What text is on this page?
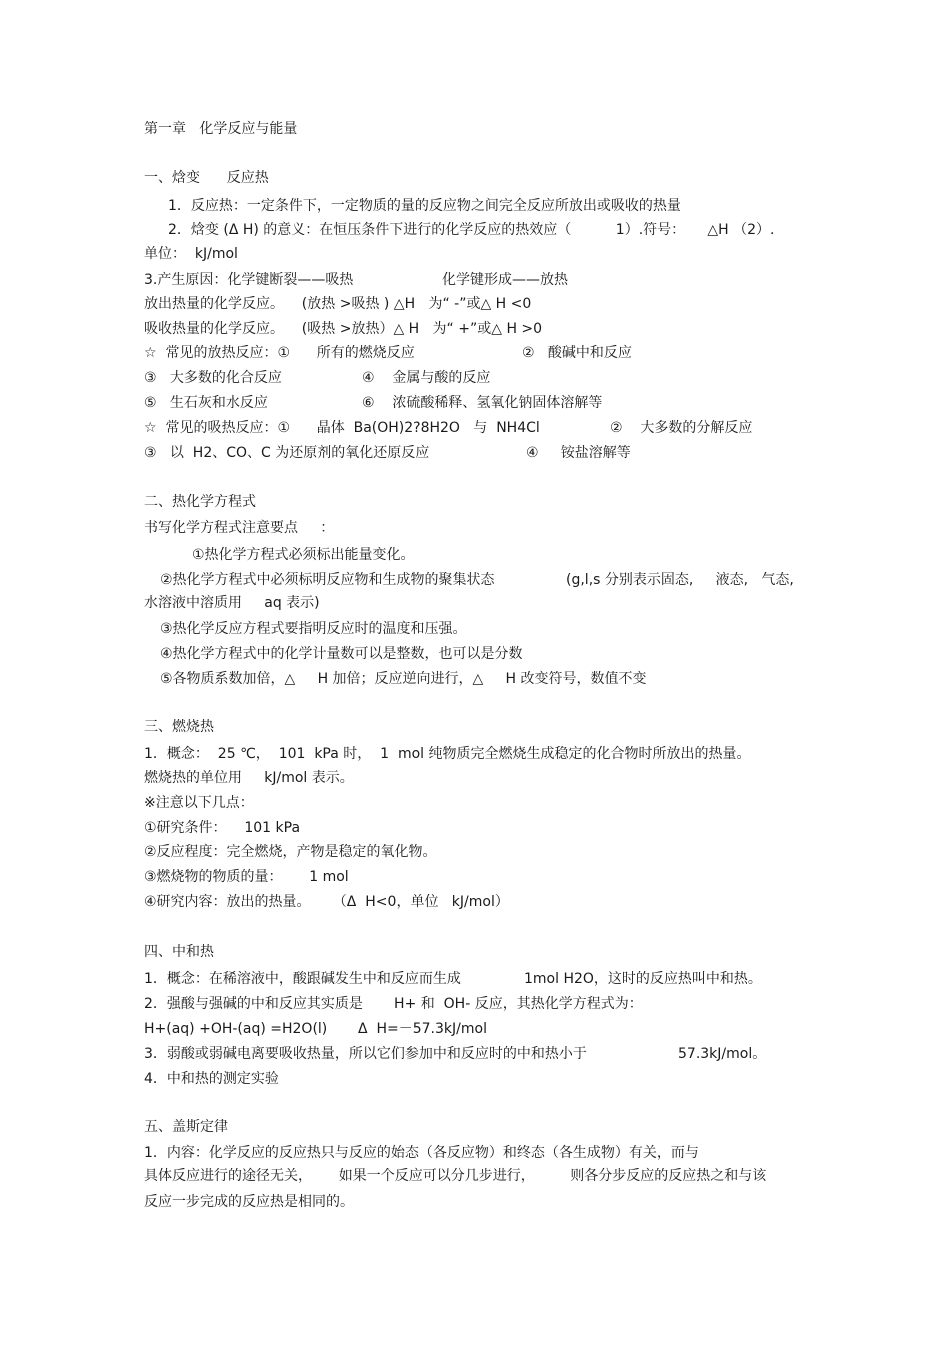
第一章   化学反应与能量
一、焓变      反应热
1．反应热：一定条件下，一定物质的量的反应物之间完全反应所放出或吸收的热量
2．焓变 (Δ H) 的意义：在恒压条件下进行的化学反应的热效应（          1）.符号：     △H （2）.
单位：  kJ/mol
3.产生原因：化学键断裂——吸热	化学键形成——放热
放出热量的化学反应。    (放热 >吸热 ) △H   为“ -”或△ H <0
吸收热量的化学反应。    (吸热 >放热）△ H   为“ +”或△ H >0
☆  常见的放热反应：①      所有的燃烧反应	②   酸碱中和反应
③   大多数的化合反应	④    金属与酸的反应
⑤   生石灰和水反应	⑥    浓硫酸稀释、氢氧化钠固体溶解等
☆  常见的吸热反应：①      晶体  Ba(OH)2?8H2O   与  NH4Cl	②    大多数的分解反应
③   以  H2、CO、C 为还原剂的氧化还原反应	④     铵盐溶解等
二、热化学方程式
书写化学方程式注意要点     ：
①热化学方程式必须标出能量变化。
②热化学方程式中必须标明反应物和生成物的聚集状态	(g,l,s 分别表示固态,     液态,   气态,
水溶液中溶质用     aq 表示)
③热化学反应方程式要指明反应时的温度和压强。
④热化学方程式中的化学计量数可以是整数，也可以是分数
⑤各物质系数加倍，△     H 加倍；反应逆向进行，△     H 改变符号，数值不变
三、燃烧热
1．概念：  25 ℃，  101  kPa 时，  1  mol 纯物质完全燃烧生成稳定的化合物时所放出的热量。
燃烧热的单位用     kJ/mol 表示。
※注意以下几点：
①研究条件：    101 kPa
②反应程度：完全燃烧，产物是稳定的氧化物。
③燃烧物的物质的量：      1 mol
④研究内容：放出的热量。     （Δ  H<0，单位   kJ/mol）
四、中和热
1．概念：在稀溶液中，酸跟碱发生中和反应而生成	1mol H2O，这时的反应热叫中和热。
2．强酸与强碱的中和反应其实质是       H+ 和  OH- 反应，其热化学方程式为：
H+(aq) +OH-(aq) =H2O(l) Δ  H=－57.3kJ/mol
3．弱酸或弱碱电离要吸收热量，所以它们参加中和反应时的中和热小于	57.3kJ/mol。
4．中和热的测定实验
五、盖斯定律
1．内容：化学反应的反应热只与反应的始态（各反应物）和终态（各生成物）有关，而与
具体反应进行的途径无关，      如果一个反应可以分几步进行，        则各分步反应的反应热之和与该
反应一步完成的反应热是相同的。
